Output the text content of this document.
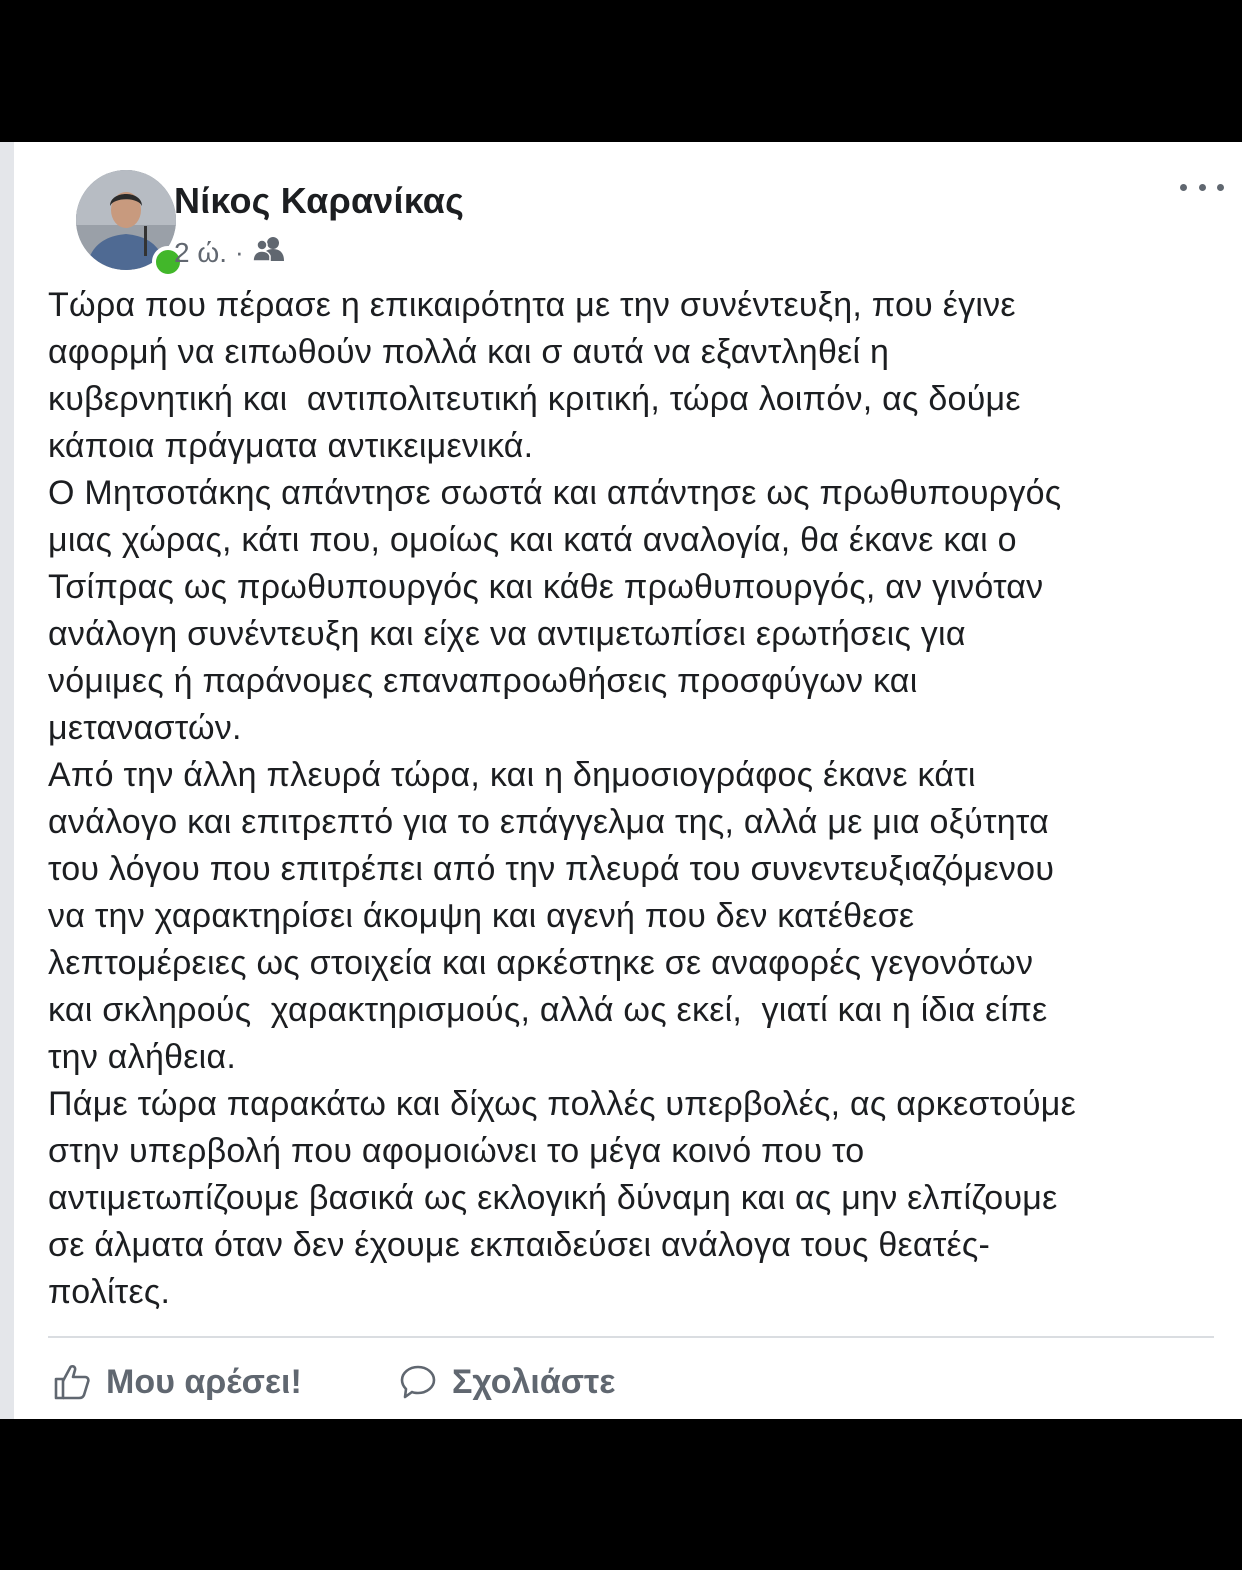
Νίκος Καρανίκας
2 ώ. ·
Τώρα που πέρασε η επικαιρότητα με την συνέντευξη, που έγινε
αφορμή να ειπωθούν πολλά και σ αυτά να εξαντληθεί η
κυβερνητική και  αντιπολιτευτική κριτική, τώρα λοιπόν, ας δούμε
κάποια πράγματα αντικειμενικά.
Ο Μητσοτάκης απάντησε σωστά και απάντησε ως πρωθυπουργός
μιας χώρας, κάτι που, ομοίως και κατά αναλογία, θα έκανε και ο
Τσίπρας ως πρωθυπουργός και κάθε πρωθυπουργός, αν γινόταν
ανάλογη συνέντευξη και είχε να αντιμετωπίσει ερωτήσεις για
νόμιμες ή παράνομες επαναπροωθήσεις προσφύγων και
μεταναστών.
Από την άλλη πλευρά τώρα, και η δημοσιογράφος έκανε κάτι
ανάλογο και επιτρεπτό για το επάγγελμα της, αλλά με μια οξύτητα
του λόγου που επιτρέπει από την πλευρά του συνεντευξιαζόμενου
να την χαρακτηρίσει άκομψη και αγενή που δεν κατέθεσε
λεπτομέρειες ως στοιχεία και αρκέστηκε σε αναφορές γεγονότων
και σκληρούς  χαρακτηρισμούς, αλλά ως εκεί,  γιατί και η ίδια είπε
την αλήθεια.
Πάμε τώρα παρακάτω και δίχως πολλές υπερβολές, ας αρκεστούμε
στην υπερβολή που αφομοιώνει το μέγα κοινό που το
αντιμετωπίζουμε βασικά ως εκλογική δύναμη και ας μην ελπίζουμε
σε άλματα όταν δεν έχουμε εκπαιδεύσει ανάλογα τους θεατές-
πολίτες.
Μου αρέσει!	Σχολιάστε
